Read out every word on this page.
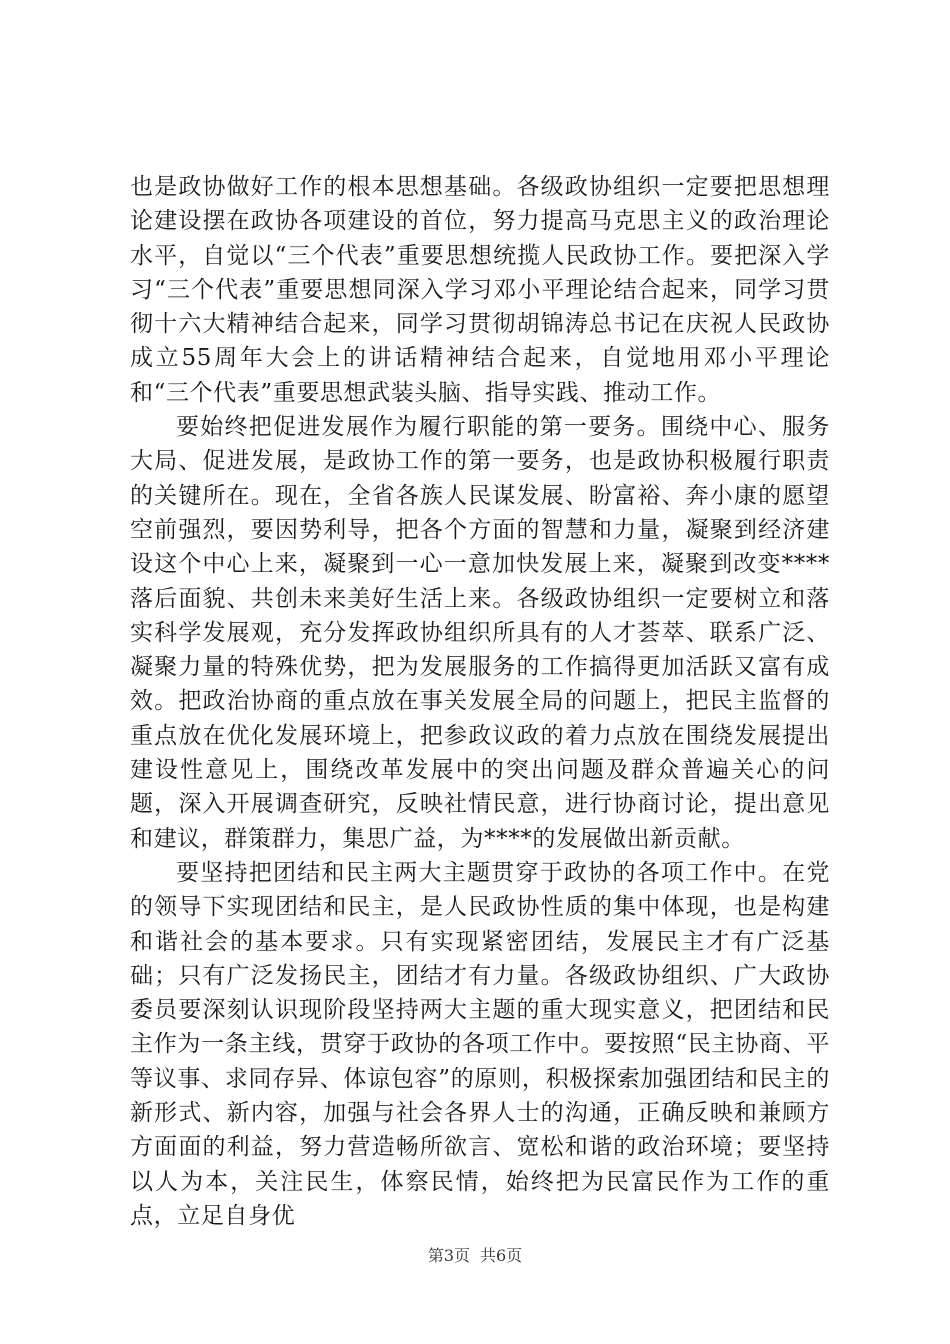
也是政协做好工作的根本思想基础。各级政协组织一定要把思想理论建设摆在政协各项建设的首位，努力提高马克思主义的政治理论水平，自觉以“三个代表”重要思想统揽人民政协工作。要把深入学习“三个代表”重要思想同深入学习邓小平理论结合起来，同学习贯彻十六大精神结合起来，同学习贯彻胡锦涛总书记在庆祝人民政协成立55周年大会上的讲话精神结合起来，自觉地用邓小平理论和“三个代表”重要思想武装头脑、指导实践、推动工作。

要始终把促进发展作为履行职能的第一要务。围绕中心、服务大局、促进发展，是政协工作的第一要务，也是政协积极履行职责的关键所在。现在，全省各族人民谋发展、盼富裕、奔小康的愿望空前强烈，要因势利导，把各个方面的智慧和力量，凝聚到经济建设这个中心上来，凝聚到一心一意加快发展上来，凝聚到改变****落后面貌、共创未来美好生活上来。各级政协组织一定要树立和落实科学发展观，充分发挥政协组织所具有的人才荟萃、联系广泛、凝聚力量的特殊优势，把为发展服务的工作搞得更加活跃又富有成效。把政治协商的重点放在事关发展全局的问题上，把民主监督的重点放在优化发展环境上，把参政议政的着力点放在围绕发展提出建设性意见上，围绕改革发展中的突出问题及群众普遍关心的问题，深入开展调查研究，反映社情民意，进行协商讨论，提出意见和建议，群策群力，集思广益，为****的发展做出新贡献。

要坚持把团结和民主两大主题贯穿于政协的各项工作中。在党的领导下实现团结和民主，是人民政协性质的集中体现，也是构建和谐社会的基本要求。只有实现紧密团结，发展民主才有广泛基础；只有广泛发扬民主，团结才有力量。各级政协组织、广大政协委员要深刻认识现阶段坚持两大主题的重大现实意义，把团结和民主作为一条主线，贯穿于政协的各项工作中。要按照“民主协商、平等议事、求同存异、体谅包容”的原则，积极探索加强团结和民主的新形式、新内容，加强与社会各界人士的沟通，正确反映和兼顾方方面面的利益，努力营造畅所欲言、宽松和谐的政治环境；要坚持以人为本，关注民生，体察民情，始终把为民富民作为工作的重点，立足自身优

第3页 共6页
